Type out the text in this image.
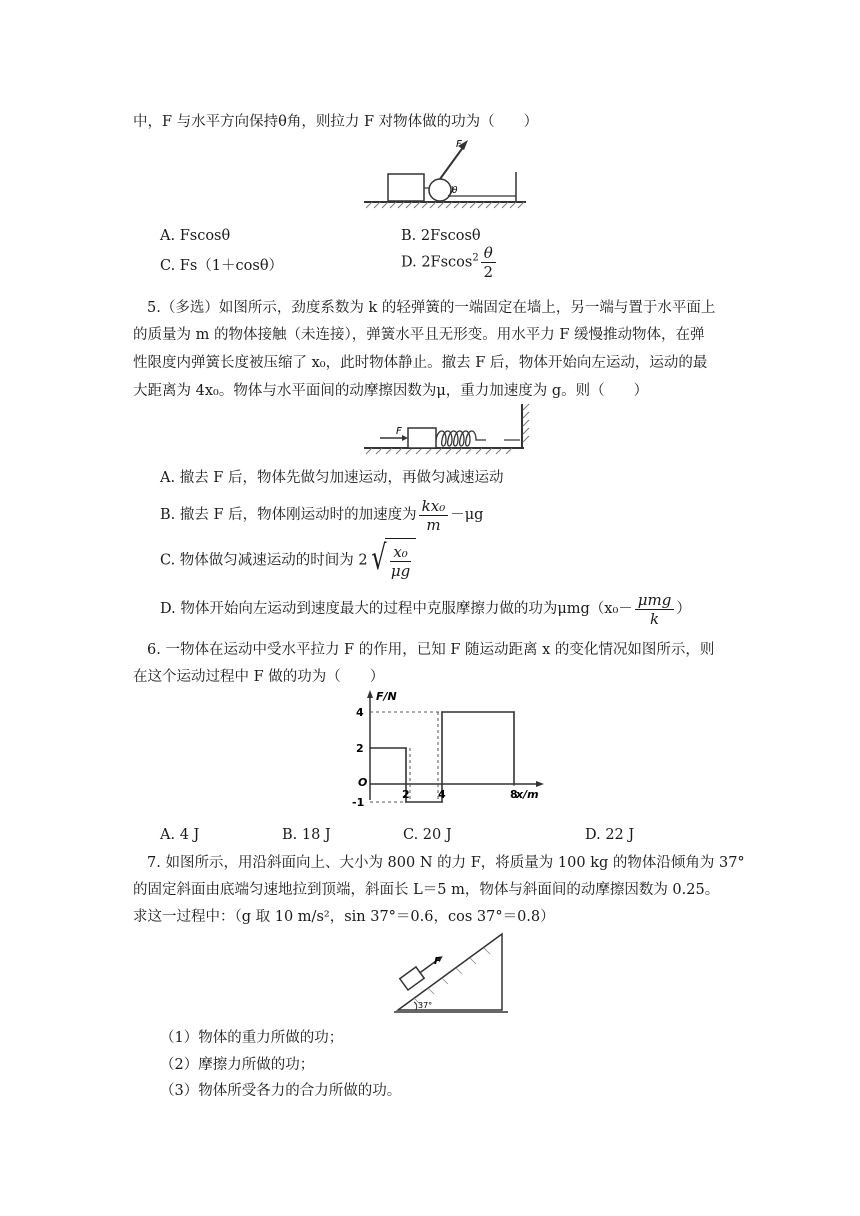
中，F 与水平方向保持θ角，则拉力 F 对物体做的功为（　　）
F
θ
A. Fscosθ	B. 2Fscosθ
C. Fs（1＋cosθ）	D. $2Fscos^2 \frac{\theta}{2}$
5.（多选）如图所示，劲度系数为 k 的轻弹簧的一端固定在墙上，另一端与置于水平面上
的质量为 m 的物体接触（未连接），弹簧水平且无形变。用水平力 F 缓慢推动物体，在弹
性限度内弹簧长度被压缩了 x₀，此时物体静止。撤去 F 后，物体开始向左运动，运动的最
大距离为 4x₀。物体与水平面间的动摩擦因数为μ，重力加速度为 g。则（　　）
F
A. 撤去 F 后，物体先做匀加速运动，再做匀减速运动
B. 撤去 F 后，物体刚运动时的加速度为 $\frac{\text{kx₀}}{m} -\mu g$
C. 物体做匀减速运动的时间为 2 √ $\frac{\text{x₀}}{\mu g}$
D. 物体开始向左运动到速度最大的过程中克服摩擦力做的功为$\mu mg(x_0- \frac{\text{μmg}}{k}$ ）
6. 一物体在运动中受水平拉力 F 的作用，已知 F 随运动距离 x 的变化情况如图所示，则
在这个运动过程中 F 做的功为（　　）
F/N
x/m
O
2	4	8
4
2
-1
A. 4 J	B. 18 J	C. 20 J	D. 22 J
7. 如图所示，用沿斜面向上、大小为 800 N 的力 F，将质量为 100 kg 的物体沿倾角为 37°
的固定斜面由底端匀速地拉到顶端，斜面长 L＝5 m，物体与斜面间的动摩擦因数为 0.25。
求这一过程中：（g 取 10 m/s²，sin 37°＝0.6，cos 37°＝0.8）
F
37°
（1）物体的重力所做的功；
（2）摩擦力所做的功；
（3）物体所受各力的合力所做的功。
